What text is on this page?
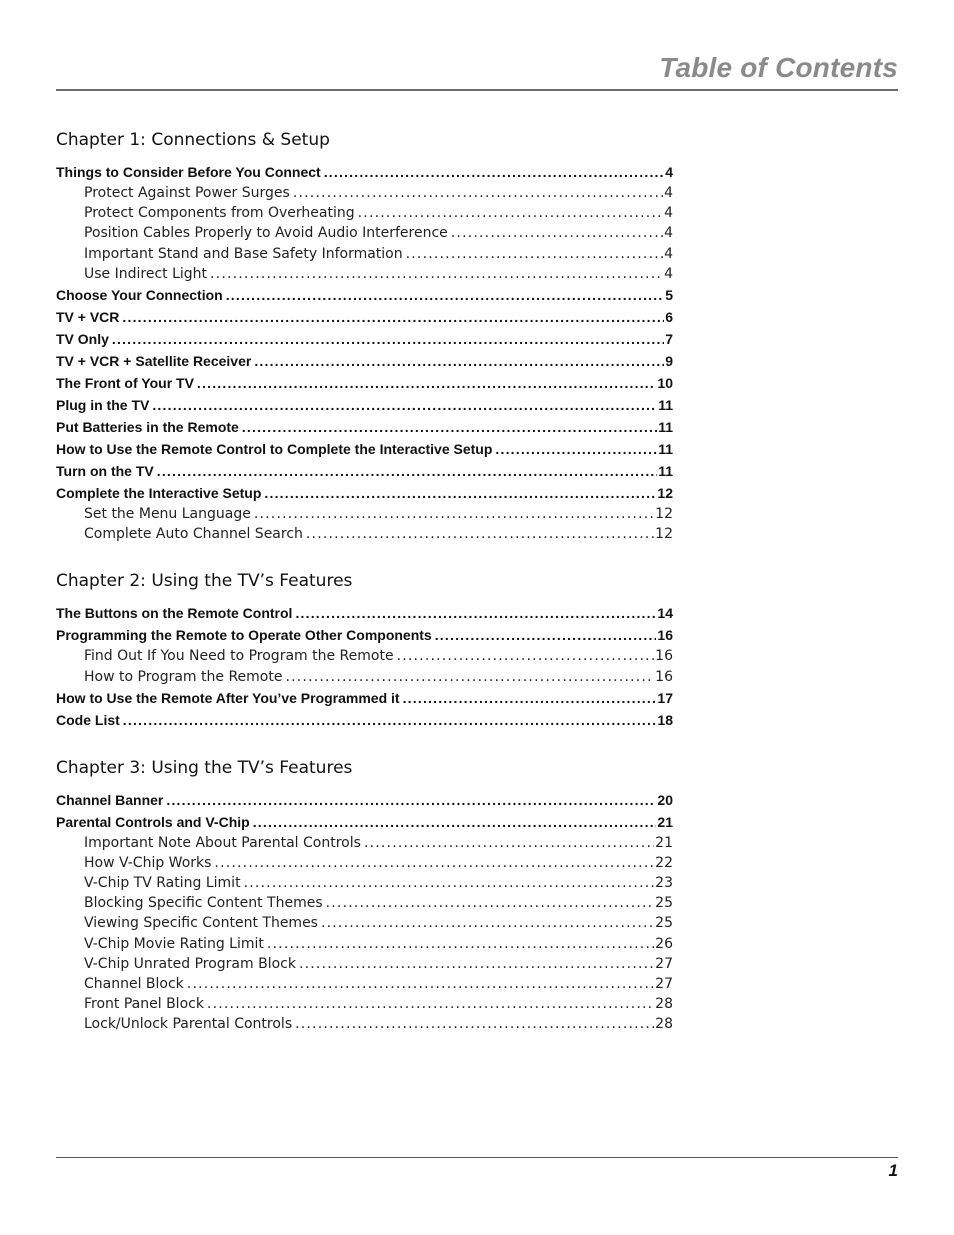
Table of Contents
Chapter 1: Connections & Setup
Things to Consider Before You Connect .....	4
Protect Against Power Surges .....	4
Protect Components from Overheating .....	4
Position Cables Properly to Avoid Audio Interference .....	4
Important Stand and Base Safety Information .....	4
Use Indirect Light .....	4
Choose Your Connection .....	5
TV + VCR .....	6
TV Only .....	7
TV + VCR + Satellite Receiver .....	9
The Front of Your TV .....	10
Plug in the TV .....	11
Put Batteries in the Remote .....	11
How to Use the Remote Control to Complete the Interactive Setup .....	11
Turn on the TV .....	11
Complete the Interactive Setup .....	12
Set the Menu Language .....	12
Complete Auto Channel Search .....	12
Chapter 2: Using the TV’s Features
The Buttons on the Remote Control .....	14
Programming the Remote to Operate Other Components .....	16
Find Out If You Need to Program the Remote .....	16
How to Program the Remote .....	16
How to Use the Remote After You’ve Programmed it .....	17
Code List .....	18
Chapter 3: Using the TV’s Features
Channel Banner .....	20
Parental Controls and V-Chip .....	21
Important Note About Parental Controls .....	21
How V-Chip Works .....	22
V-Chip TV Rating Limit .....	23
Blocking Specific Content Themes .....	25
Viewing Specific Content Themes .....	25
V-Chip Movie Rating Limit .....	26
V-Chip Unrated Program Block .....	27
Channel Block .....	27
Front Panel Block .....	28
Lock/Unlock Parental Controls .....	28
1
